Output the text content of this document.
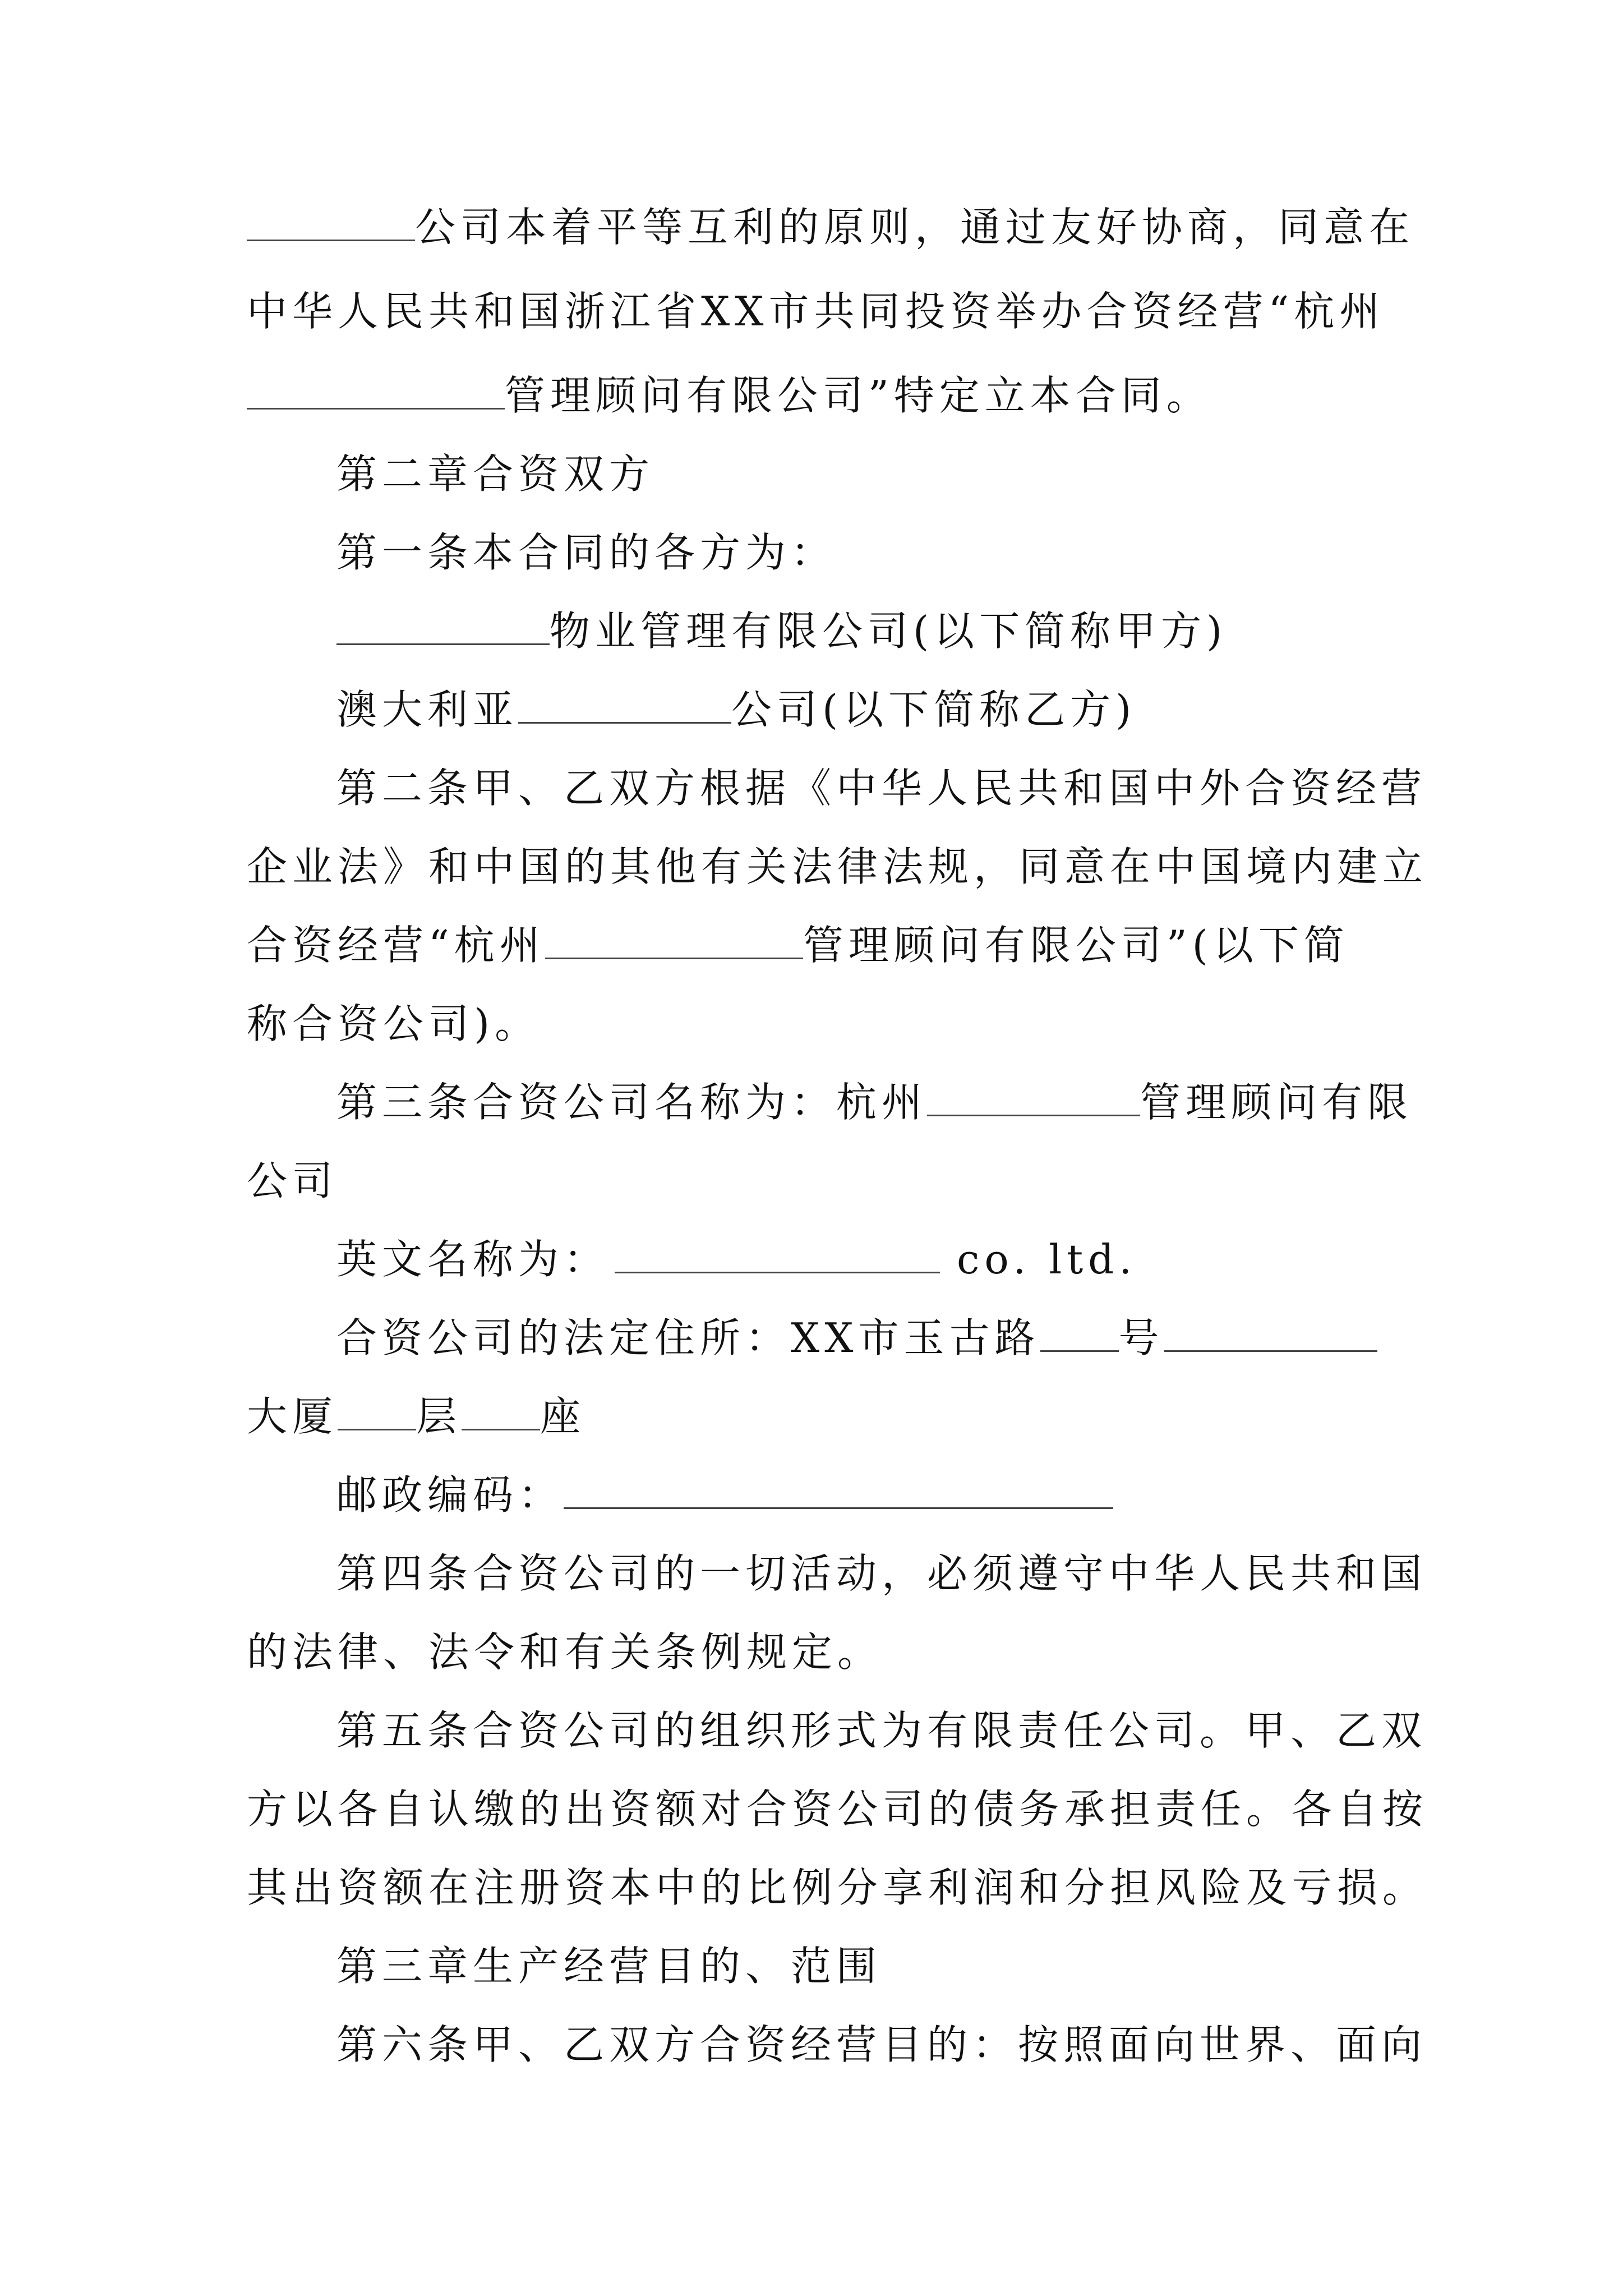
公司本着平等互利的原则，通过友好协商，同意在
中华人民共和国浙江省XX市共同投资举办合资经营“杭州
管理顾问有限公司”特定立本合同。
第二章合资双方
第一条本合同的各方为：
物业管理有限公司(以下简称甲方)
澳大利亚	公司(以下简称乙方)
第二条甲、乙双方根据《中华人民共和国中外合资经营
企业法》和中国的其他有关法律法规，同意在中国境内建立
合资经营“杭州	管理顾问有限公司”(以下简
称合资公司)。
第三条合资公司名称为：杭州	管理顾问有限
公司
英文名称为：	co. ltd.
合资公司的法定住所：XX市玉古路 号
大厦 层 座
邮政编码：
第四条合资公司的一切活动，必须遵守中华人民共和国
的法律、法令和有关条例规定。
第五条合资公司的组织形式为有限责任公司。甲、乙双
方以各自认缴的出资额对合资公司的债务承担责任。各自按
其出资额在注册资本中的比例分享利润和分担风险及亏损。
第三章生产经营目的、范围
第六条甲、乙双方合资经营目的：按照面向世界、面向
